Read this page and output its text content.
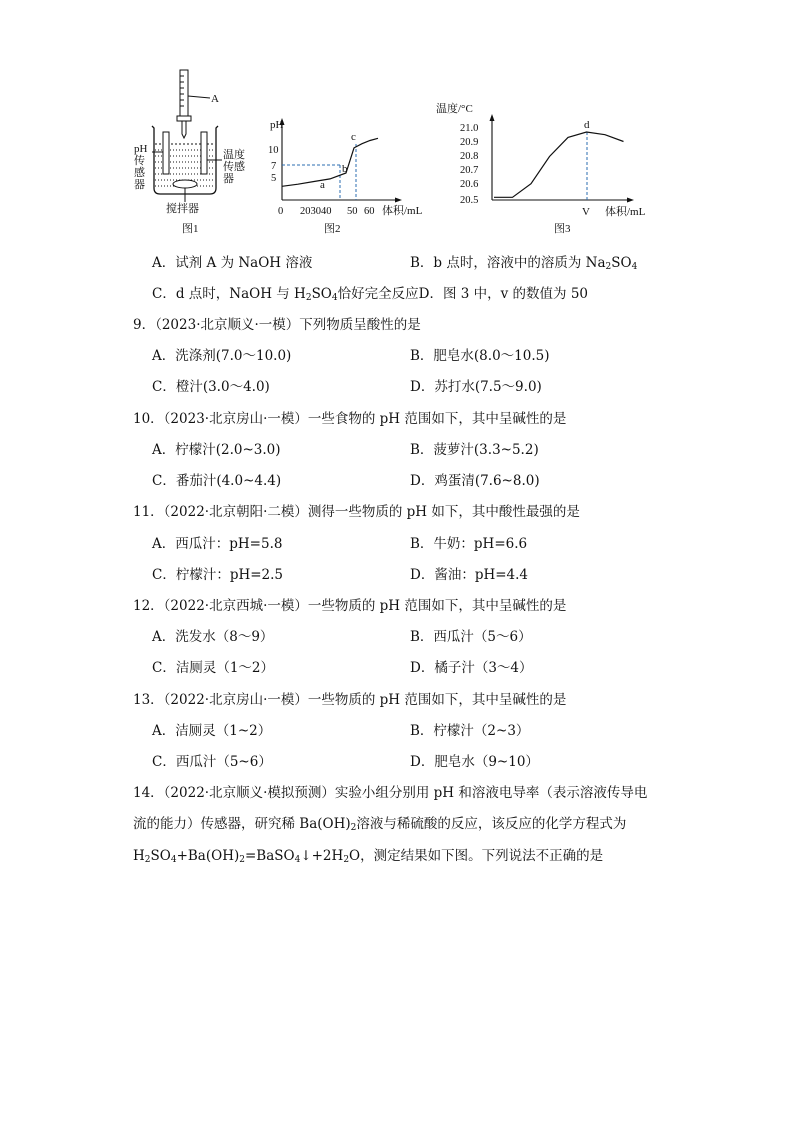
A
pH
传
感
器
温度
传感
器
搅拌器
图1
pH
10
7
5
a
b
c
0 203040 50 60 体积/mL
图2
温度/°C
21.0
20.9
20.8
20.7
20.6
20.5
d
V 体积/mL
图3
A．试剂 A 为 NaOH 溶液	B．b 点时，溶液中的溶质为 $Na_2SO_4$
C．d 点时，NaOH 与 $H_2SO_4$恰好完全反应D．图 3 中，v 的数值为 50
9．（2023·北京顺义·一模）下列物质呈酸性的是
A．洗涤剂(7.0～10.0)	B．肥皂水(8.0～10.5)
C．橙汁(3.0～4.0)	D．苏打水(7.5～9.0)
10．（2023·北京房山·一模）一些食物的 pH 范围如下，其中呈碱性的是
A．柠檬汁(2.0~3.0)	B．菠萝汁(3.3~5.2)
C．番茄汁(4.0~4.4)	D．鸡蛋清(7.6~8.0)
11．（2022·北京朝阳·二模）测得一些物质的 pH 如下，其中酸性最强的是
A．西瓜汁：pH=5.8	B．牛奶：pH=6.6
C．柠檬汁：pH=2.5	D．酱油：pH=4.4
12．（2022·北京西城·一模）一些物质的 pH 范围如下，其中呈碱性的是
A．洗发水（8～9）	B．西瓜汁（5～6）
C．洁厕灵（1～2）	D．橘子汁（3～4）
13．（2022·北京房山·一模）一些物质的 pH 范围如下，其中呈碱性的是
A．洁厕灵（1~2）	B．柠檬汁（2~3）
C．西瓜汁（5~6）	D．肥皂水（9~10）
14．（2022·北京顺义·模拟预测）实验小组分别用 pH 和溶液电导率（表示溶液传导电
流的能力）传感器，研究稀 $Ba(OH)_2$溶液与稀硫酸的反应，该反应的化学方程式为
$H_2SO_4+Ba(OH)_2=BaSO_4↓+2H_2O$，测定结果如下图。下列说法不正确的是
